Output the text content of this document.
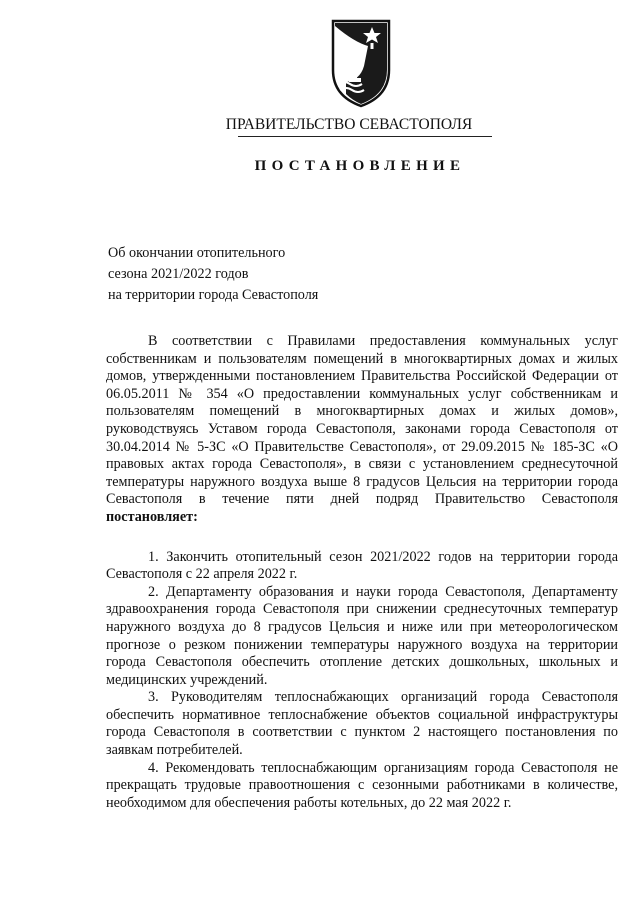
ПРАВИТЕЛЬСТВО СЕВАСТОПОЛЯ
ПОСТАНОВЛЕНИЕ
Об окончании отопительного
сезона 2021/2022 годов
на территории города Севастополя

В соответствии с Правилами предоставления коммунальных услуг собственникам и пользователям помещений в многоквартирных домах и жилых домов, утвержденными постановлением Правительства Российской Федерации от 06.05.2011 № 354 «О предоставлении коммунальных услуг собственникам и пользователям помещений в многоквартирных домах и жилых домов», руководствуясь Уставом города Севастополя, законами города Севастополя от 30.04.2014 № 5-ЗС «О Правительстве Севастополя», от 29.09.2015 № 185-ЗС «О правовых актах города Севастополя», в связи с установлением среднесуточной температуры наружного воздуха выше 8 градусов Цельсия на территории города Севастополя в течение пяти дней подряд Правительство Севастополя постановляет:

1. Закончить отопительный сезон 2021/2022 годов на территории города Севастополя с 22 апреля 2022 г.

2. Департаменту образования и науки города Севастополя, Департаменту здравоохранения города Севастополя при снижении среднесуточных температур наружного воздуха до 8 градусов Цельсия и ниже или при метеорологическом прогнозе о резком понижении температуры наружного воздуха на территории города Севастополя обеспечить отопление детских дошкольных, школьных и медицинских учреждений.

3. Руководителям теплоснабжающих организаций города Севастополя обеспечить нормативное теплоснабжение объектов социальной инфраструктуры города Севастополя в соответствии с пунктом 2 настоящего постановления по заявкам потребителей.

4. Рекомендовать теплоснабжающим организациям города Севастополя не прекращать трудовые правоотношения с сезонными работниками в количестве, необходимом для обеспечения работы котельных, до 22 мая 2022 г.
